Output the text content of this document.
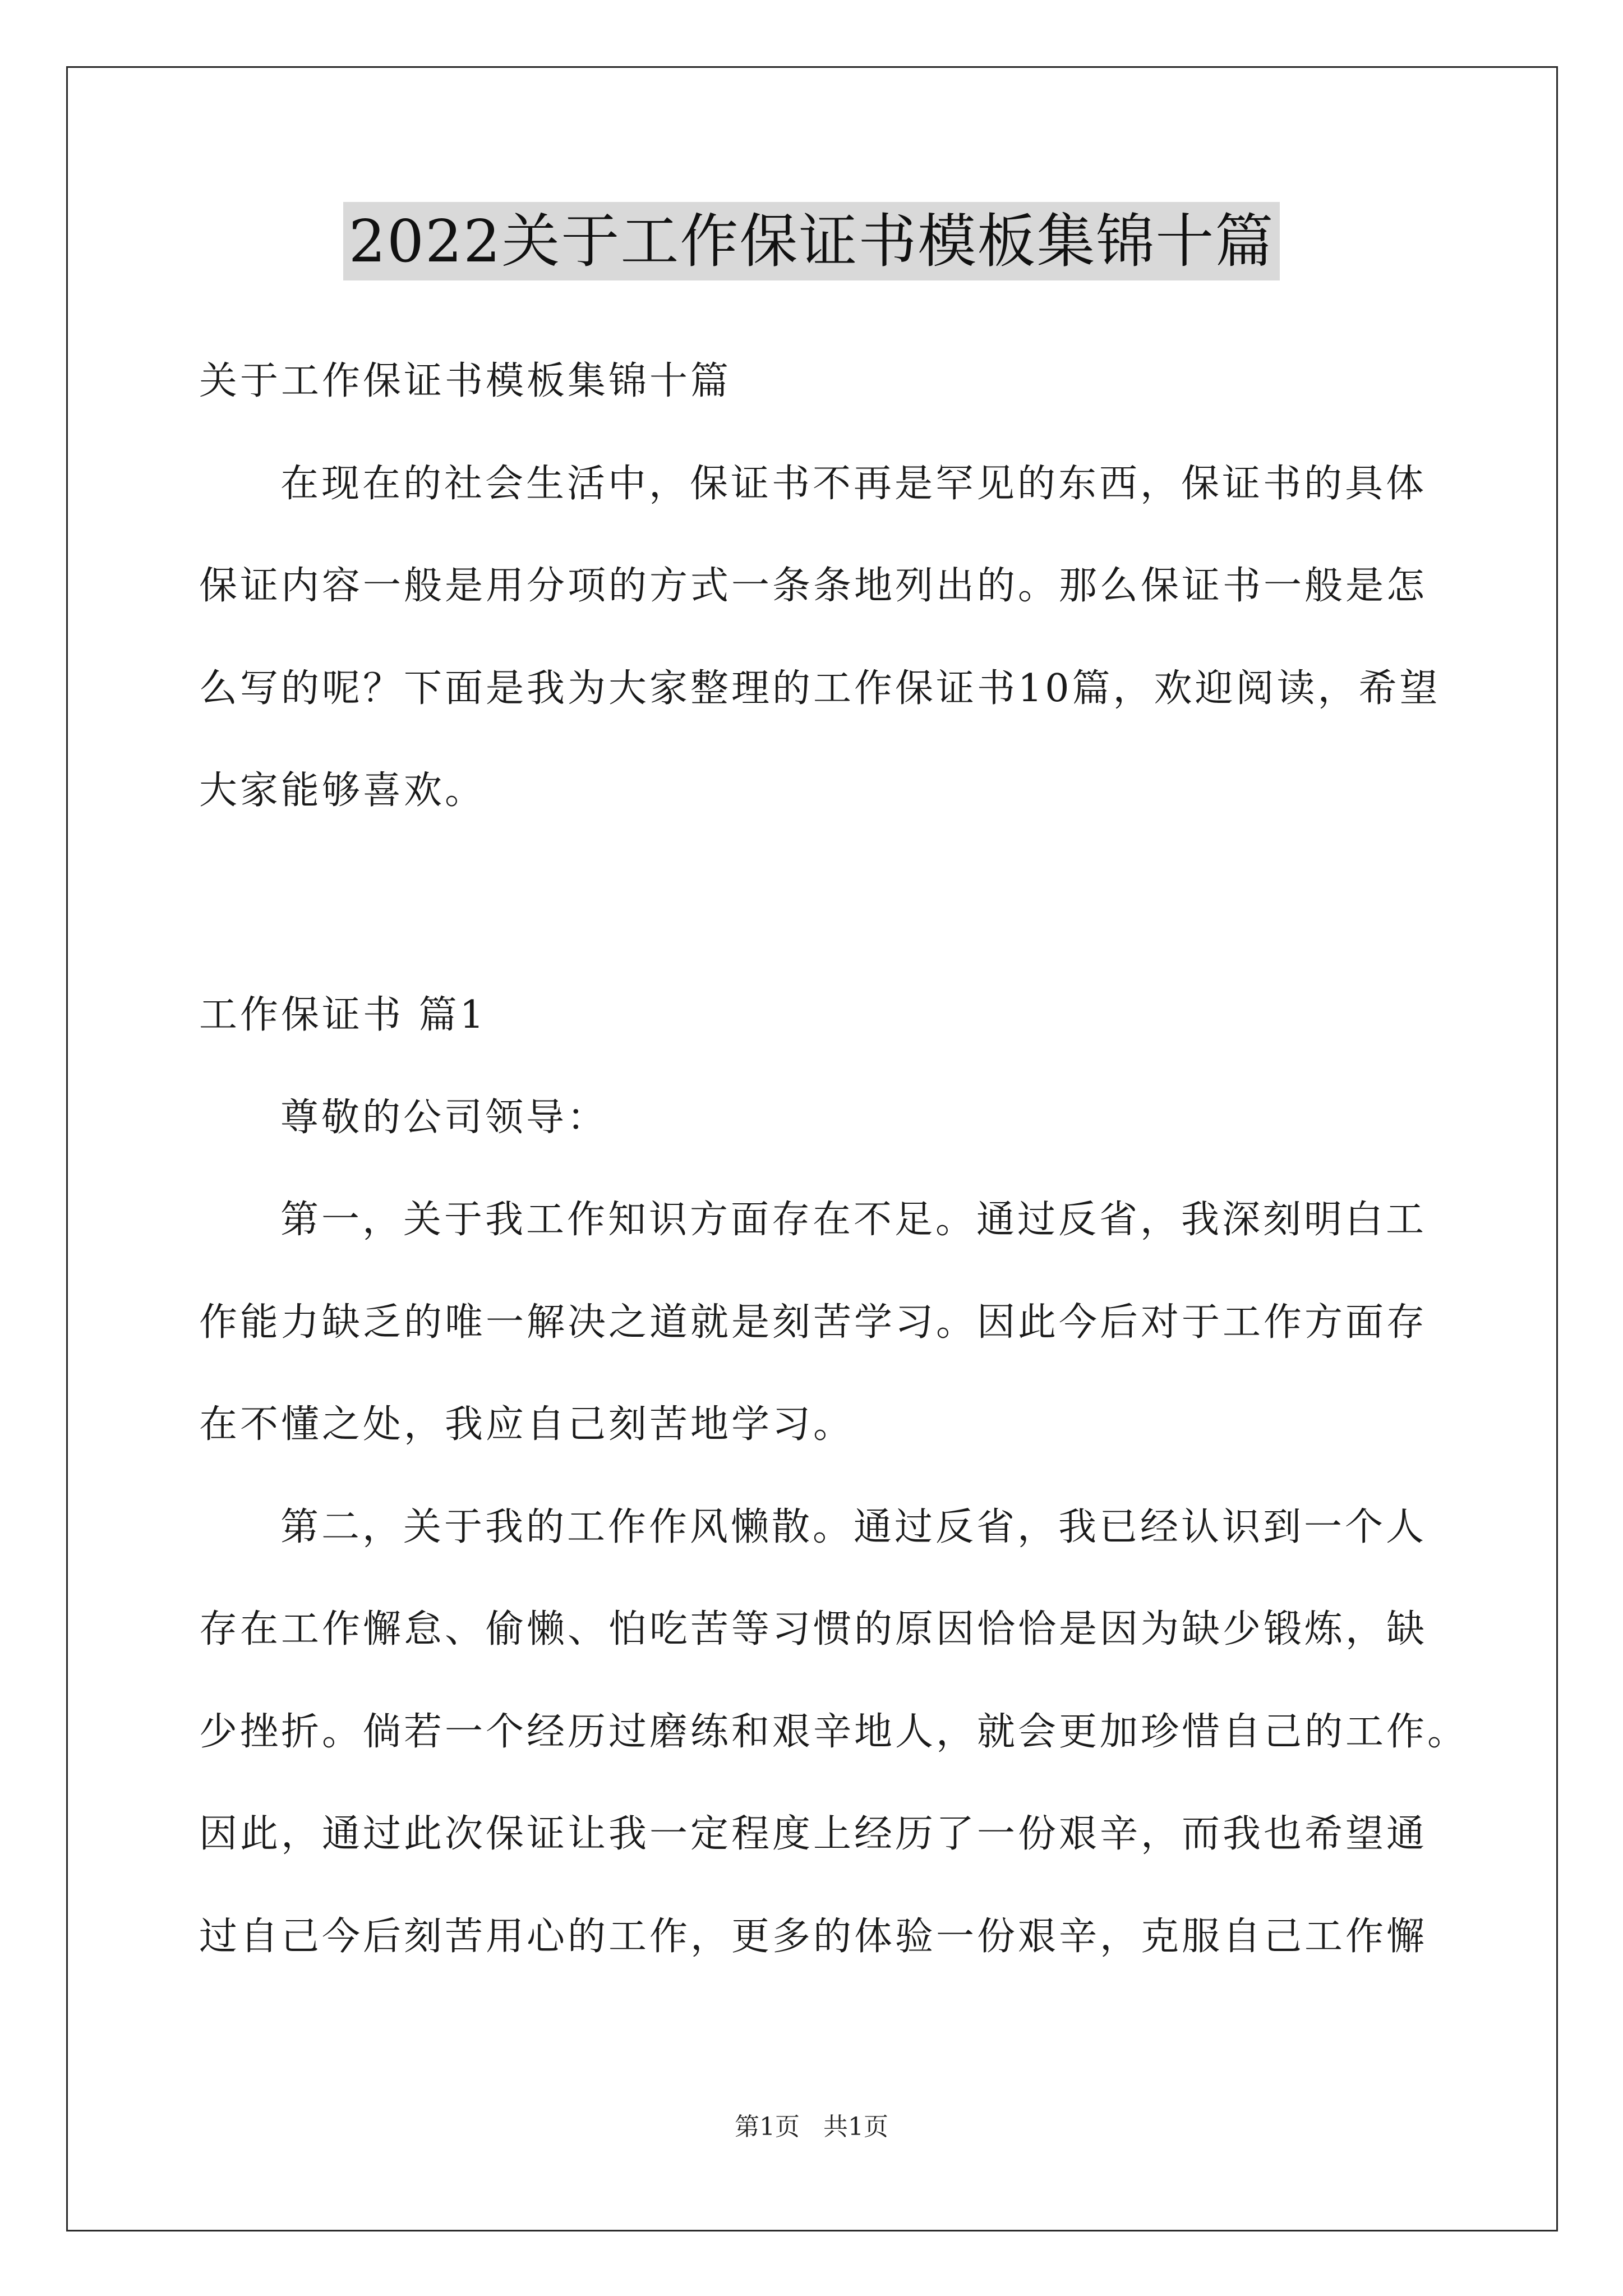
2022关于工作保证书模板集锦十篇
关于工作保证书模板集锦十篇
在现在的社会生活中，保证书不再是罕见的东西，保证书的具体
保证内容一般是用分项的方式一条条地列出的。那么保证书一般是怎
么写的呢？下面是我为大家整理的工作保证书10篇，欢迎阅读，希望
大家能够喜欢。
工作保证书 篇1
尊敬的公司领导：
第一，关于我工作知识方面存在不足。通过反省，我深刻明白工
作能力缺乏的唯一解决之道就是刻苦学习。因此今后对于工作方面存
在不懂之处，我应自己刻苦地学习。
第二，关于我的工作作风懒散。通过反省，我已经认识到一个人
存在工作懈怠、偷懒、怕吃苦等习惯的原因恰恰是因为缺少锻炼，缺
少挫折。倘若一个经历过磨练和艰辛地人，就会更加珍惜自己的工作。
因此，通过此次保证让我一定程度上经历了一份艰辛，而我也希望通
过自己今后刻苦用心的工作，更多的体验一份艰辛，克服自己工作懈
第1页 共1页
